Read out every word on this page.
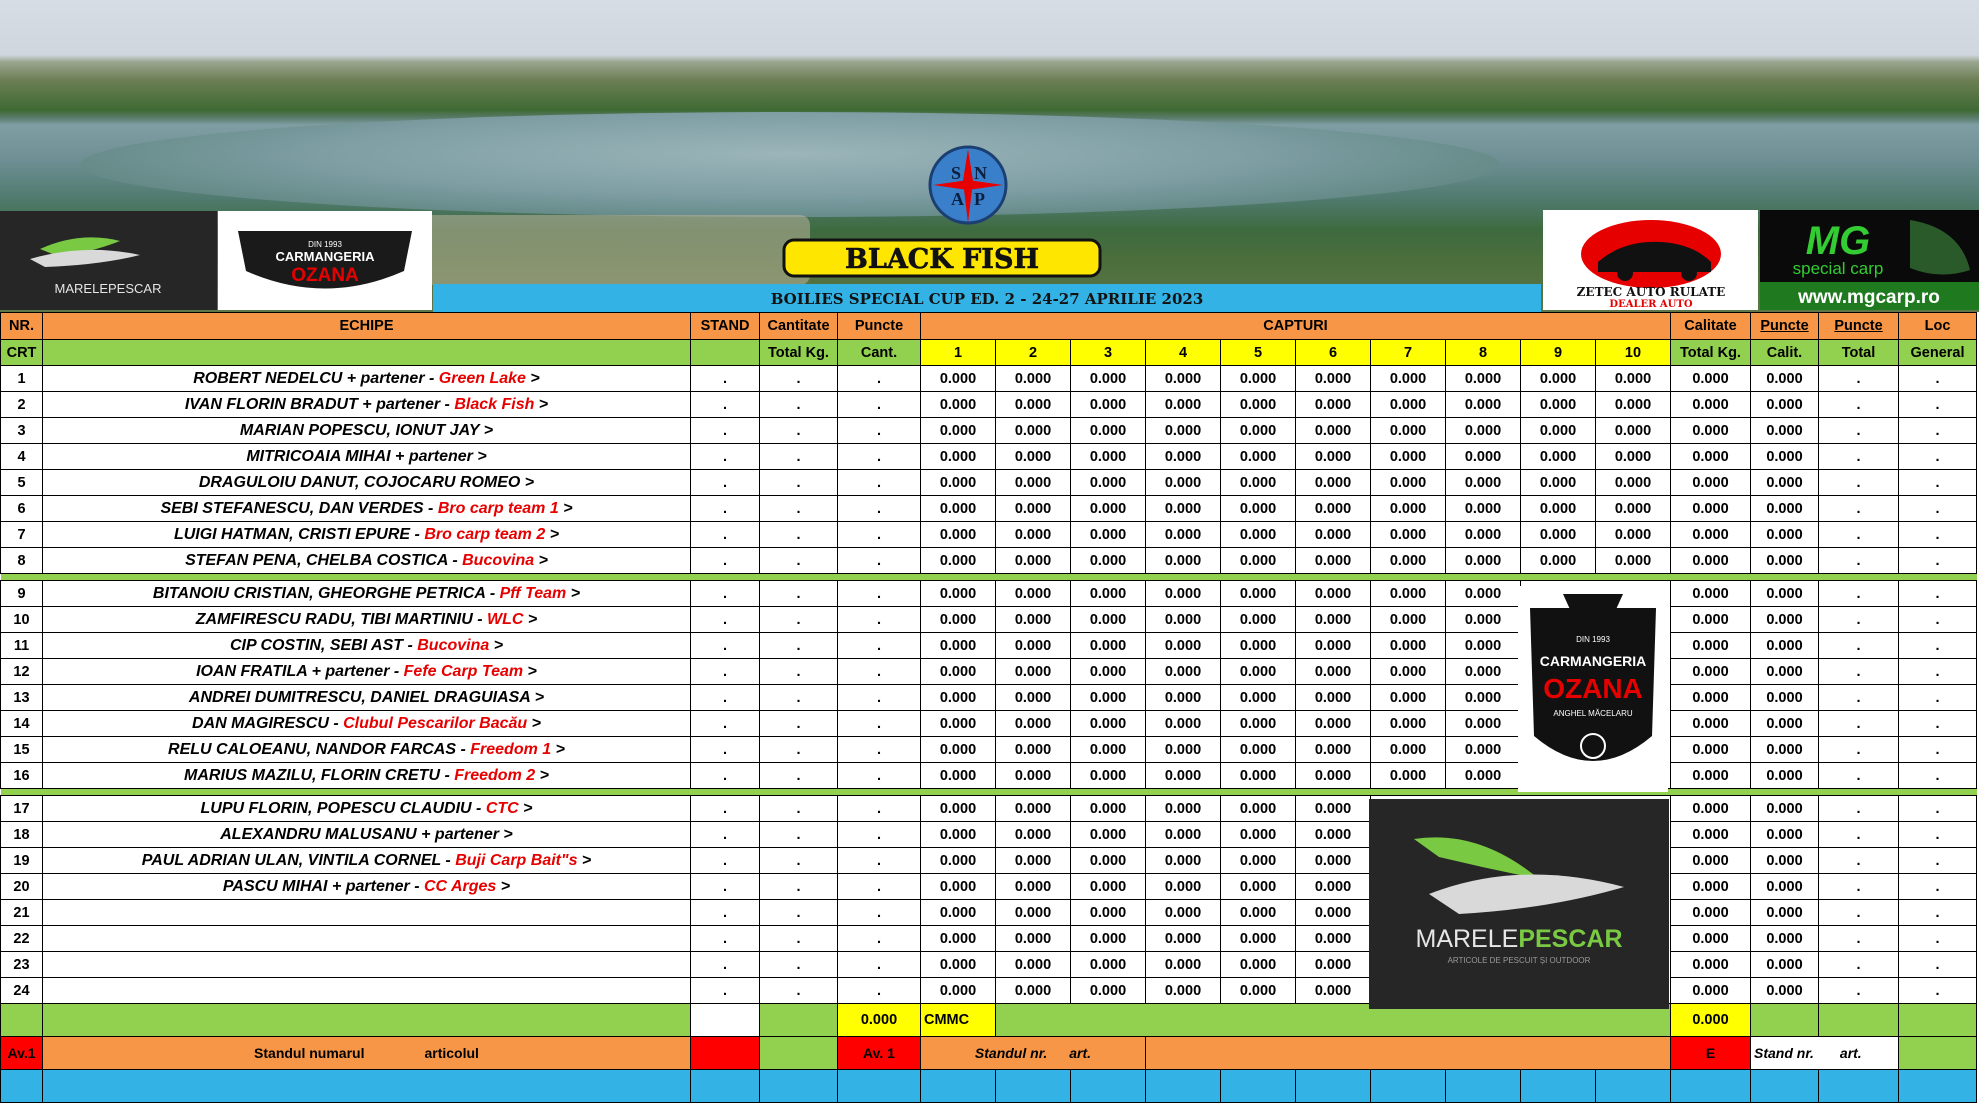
MARELEPESCAR
DIN 1993
CARMANGERIA
OZANA
ANGHEL MĂCELARU
S N
A P
BLACK FISH
ZETEC AUTO RULATE
DEALER AUTO
MG
special carp
www.mgcarp.ro
BOILIES SPECIAL CUP ED. 2 - 24-27 APRILIE 2023
NR.	ECHIPE	STAND	Cantitate	Puncte	CAPTURI										Calitate	Puncte	Puncte	Loc
CRT			Total Kg.	Cant.	1	2	3	4	5	6	7	8	9	10	Total Kg.	Calit.	Total	General
1	ROBERT NEDELCU + partener - Green Lake >	.	.	.	0.000	0.000	0.000	0.000	0.000	0.000	0.000	0.000	0.000	0.000	0.000	0.000	.	.
2	IVAN FLORIN BRADUT + partener - Black Fish >	.	.	.	0.000	0.000	0.000	0.000	0.000	0.000	0.000	0.000	0.000	0.000	0.000	0.000	.	.
3	MARIAN POPESCU, IONUT JAY >	.	.	.	0.000	0.000	0.000	0.000	0.000	0.000	0.000	0.000	0.000	0.000	0.000	0.000	.	.
4	MITRICOAIA MIHAI + partener >	.	.	.	0.000	0.000	0.000	0.000	0.000	0.000	0.000	0.000	0.000	0.000	0.000	0.000	.	.
5	DRAGULOIU DANUT, COJOCARU ROMEO >	.	.	.	0.000	0.000	0.000	0.000	0.000	0.000	0.000	0.000	0.000	0.000	0.000	0.000	.	.
6	SEBI STEFANESCU, DAN VERDES - Bro carp team 1 >	.	.	.	0.000	0.000	0.000	0.000	0.000	0.000	0.000	0.000	0.000	0.000	0.000	0.000	.	.
7	LUIGI HATMAN, CRISTI EPURE - Bro carp team 2 >	.	.	.	0.000	0.000	0.000	0.000	0.000	0.000	0.000	0.000	0.000	0.000	0.000	0.000	.	.
8	STEFAN PENA, CHELBA COSTICA - Bucovina >	.	.	.	0.000	0.000	0.000	0.000	0.000	0.000	0.000	0.000	0.000	0.000	0.000	0.000	.	.

9	BITANOIU CRISTIAN, GHEORGHE PETRICA - Pff Team >	.	.	.	0.000	0.000	0.000	0.000	0.000	0.000	0.000	0.000			0.000	0.000	.	.
10	ZAMFIRESCU RADU, TIBI MARTINIU - WLC >	.	.	.	0.000	0.000	0.000	0.000	0.000	0.000	0.000	0.000			0.000	0.000	.	.
11	CIP COSTIN, SEBI AST - Bucovina >	.	.	.	0.000	0.000	0.000	0.000	0.000	0.000	0.000	0.000			0.000	0.000	.	.
12	IOAN FRATILA + partener - Fefe Carp Team >	.	.	.	0.000	0.000	0.000	0.000	0.000	0.000	0.000	0.000			0.000	0.000	.	.
13	ANDREI DUMITRESCU, DANIEL DRAGUIASA >	.	.	.	0.000	0.000	0.000	0.000	0.000	0.000	0.000	0.000			0.000	0.000	.	.
14	DAN MAGIRESCU - Clubul Pescarilor Bacău >	.	.	.	0.000	0.000	0.000	0.000	0.000	0.000	0.000	0.000			0.000	0.000	.	.
15	RELU CALOEANU, NANDOR FARCAS - Freedom 1 >	.	.	.	0.000	0.000	0.000	0.000	0.000	0.000	0.000	0.000			0.000	0.000	.	.
16	MARIUS MAZILU, FLORIN CRETU - Freedom 2 >	.	.	.	0.000	0.000	0.000	0.000	0.000	0.000	0.000	0.000			0.000	0.000	.	.

17	LUPU FLORIN, POPESCU CLAUDIU - CTC >	.	.	.	0.000	0.000	0.000	0.000	0.000	0.000					0.000	0.000	.	.
18	ALEXANDRU MALUSANU + partener >	.	.	.	0.000	0.000	0.000	0.000	0.000	0.000					0.000	0.000	.	.
19	PAUL ADRIAN ULAN, VINTILA CORNEL - Buji Carp Bait"s >	.	.	.	0.000	0.000	0.000	0.000	0.000	0.000					0.000	0.000	.	.
20	PASCU MIHAI + partener - CC Arges >	.	.	.	0.000	0.000	0.000	0.000	0.000	0.000					0.000	0.000	.	.
21		.	.	.	0.000	0.000	0.000	0.000	0.000	0.000					0.000	0.000	.	.
22		.	.	.	0.000	0.000	0.000	0.000	0.000	0.000					0.000	0.000	.	.
23		.	.	.	0.000	0.000	0.000	0.000	0.000	0.000					0.000	0.000	.	.
24		.	.	.	0.000	0.000	0.000	0.000	0.000	0.000					0.000	0.000	.	.
				0.000	CMMC										0.000			
Av.1	Standul numarul articolul			Av. 1	Standul nr. art.										E	Stand nr. art.		

DIN 1993
CARMANGERIA
OZANA
ANGHEL MĂCELARU
MARELEPESCAR
ARTICOLE DE PESCUIT ȘI OUTDOOR
